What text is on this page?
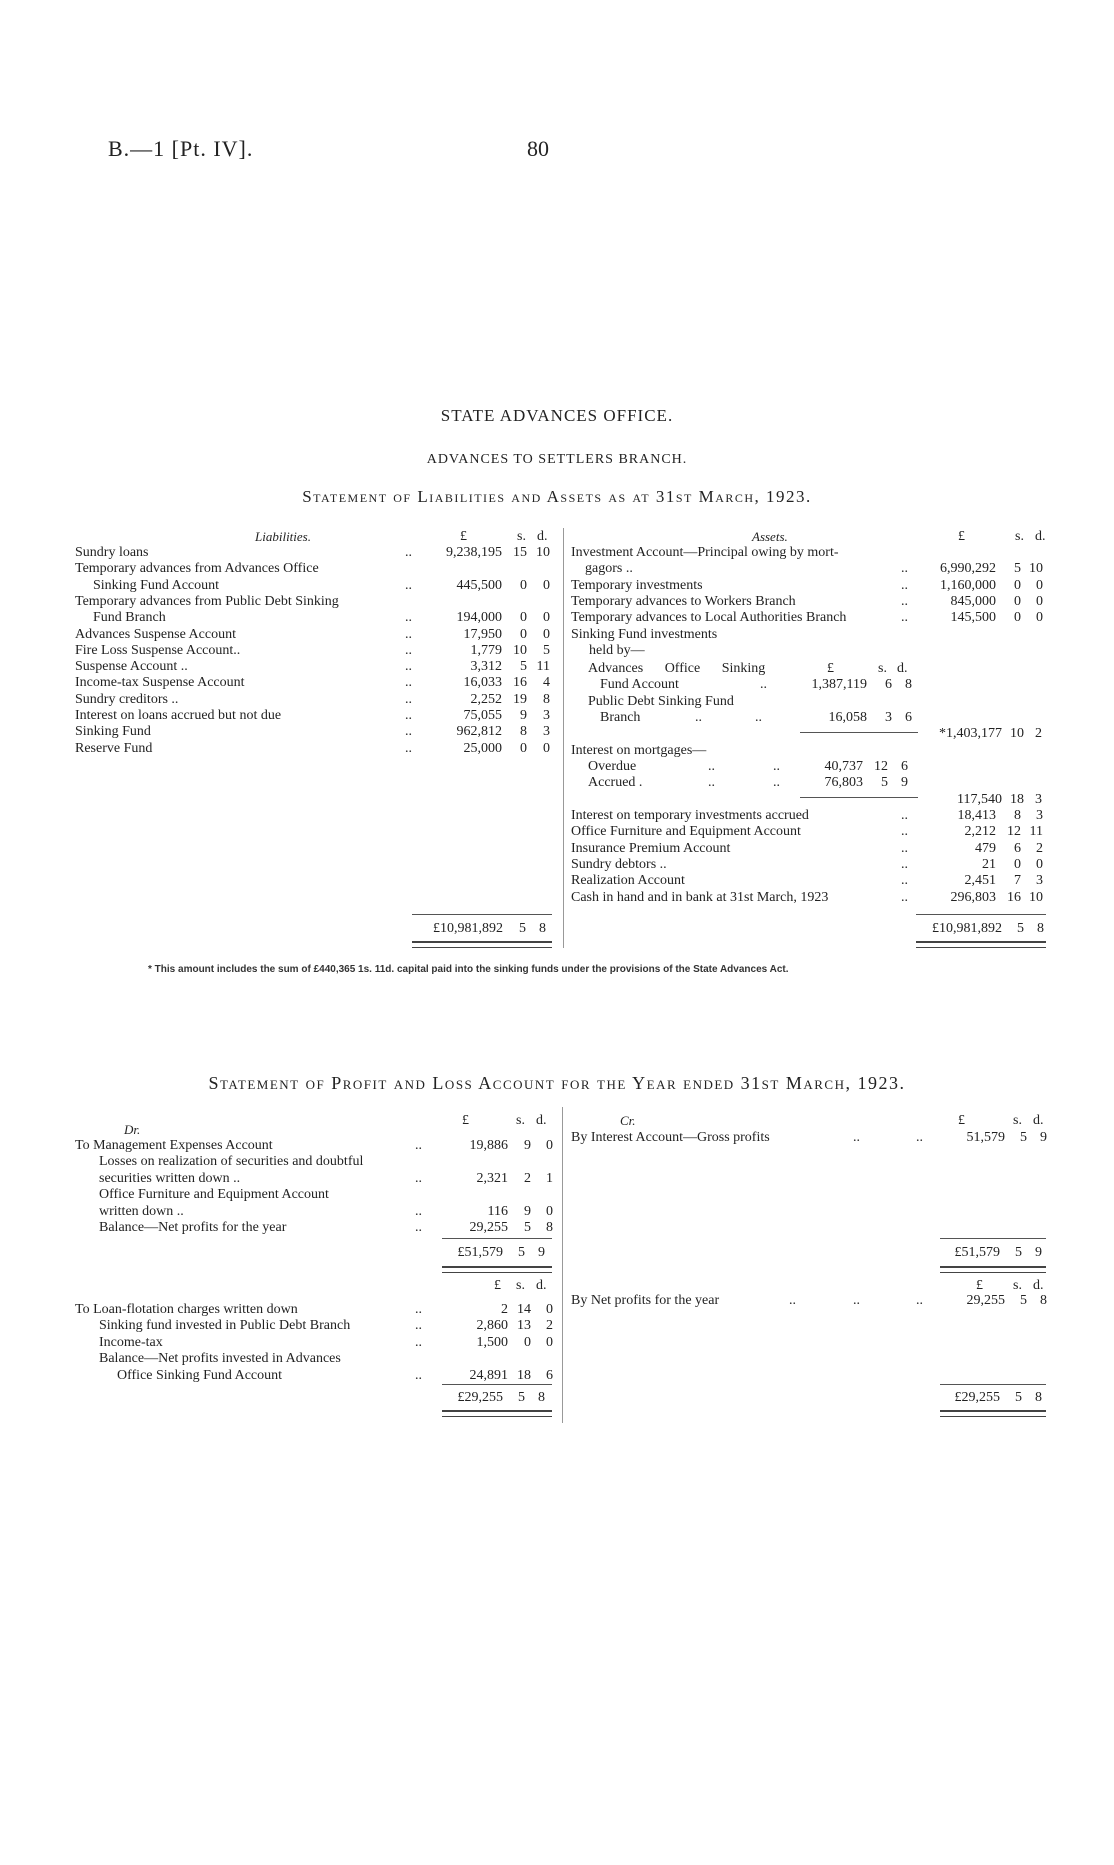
B.—1 [Pt. IV].	80
STATE ADVANCES OFFICE.
ADVANCES TO SETTLERS BRANCH.
Statement of Liabilities and Assets as at 31st March, 1923.
Liabilities.	£	s. d.
Sundry loans	..	9,238,195 15 10
Temporary advances from Advances Office
Sinking Fund Account	..	445,500	0	0
Temporary advances from Public Debt Sinking
Fund Branch	..	194,000	0	0
Advances Suspense Account	..	17,950	0	0
Fire Loss Suspense Account..	..	1,779 10	5
Suspense Account ..	..	3,312	5 11
Income-tax Suspense Account	..	16,033 16	4
Sundry creditors ..	..	2,252 19	8
Interest on loans accrued but not due	..	75,055	9	3
Sinking Fund	..	962,812	8	3
Reserve Fund	..	25,000	0	0
£10,981,892 5 8
Assets.	£	s. d.
Investment Account—Principal owing by mort-
gagors ..	..	6,990,292	5 10
Temporary investments	..	1,160,000	0	0
Temporary advances to Workers Branch	..	845,000	0	0
Temporary advances to Local Authorities Branch	..	145,500	0	0
Sinking Fund investments
held by—
£	s. d.
Advances Office Sinking
Fund Account	..	1,387,119	6 8
Public Debt Sinking Fund
Branch	..	..	16,058	3 6
*1,403,177 10 2
Interest on mortgages—
Overdue	..	..	40,737 12 6
Accrued .	..	..	76,803	5 9
117,540 18 3
Interest on temporary investments accrued	..	18,413	8	3
Office Furniture and Equipment Account	..	2,212 12 11
Insurance Premium Account	..	479	6	2
Sundry debtors ..	..	21	0	0
Realization Account	..	2,451	7	3
Cash in hand and in bank at 31st March, 1923	..	296,803 16 10
£10,981,892 5 8
* This amount includes the sum of £440,365 1s. 11d. capital paid into the sinking funds under the provisions of the State Advances Act.
Statement of Profit and Loss Account for the Year ended 31st March, 1923.
Dr.
£	s. d.
To Management Expenses Account	..	19,886	9	0
Losses on realization of securities and doubtful
securities written down ..	..	2,321	2	1
Office Furniture and Equipment Account
written down ..	..	116	9	0
Balance—Net profits for the year	..	29,255	5	8
£51,579 5 9
Cr.	£	s. d.
By Interest Account—Gross profits	..	..	51,579	5 9
£51,579 5 9
£ s. d.
To Loan-flotation charges written down	..	2 14	0
Sinking fund invested in Public Debt Branch	..	2,860 13	2
Income-tax	..	1,500	0	0
Balance—Net profits invested in Advances
Office Sinking Fund Account	..	24,891 18	6
£29,255 5 8
£ s. d.
By Net profits for the year	..	..	..	29,255	5 8
£29,255 5 8
